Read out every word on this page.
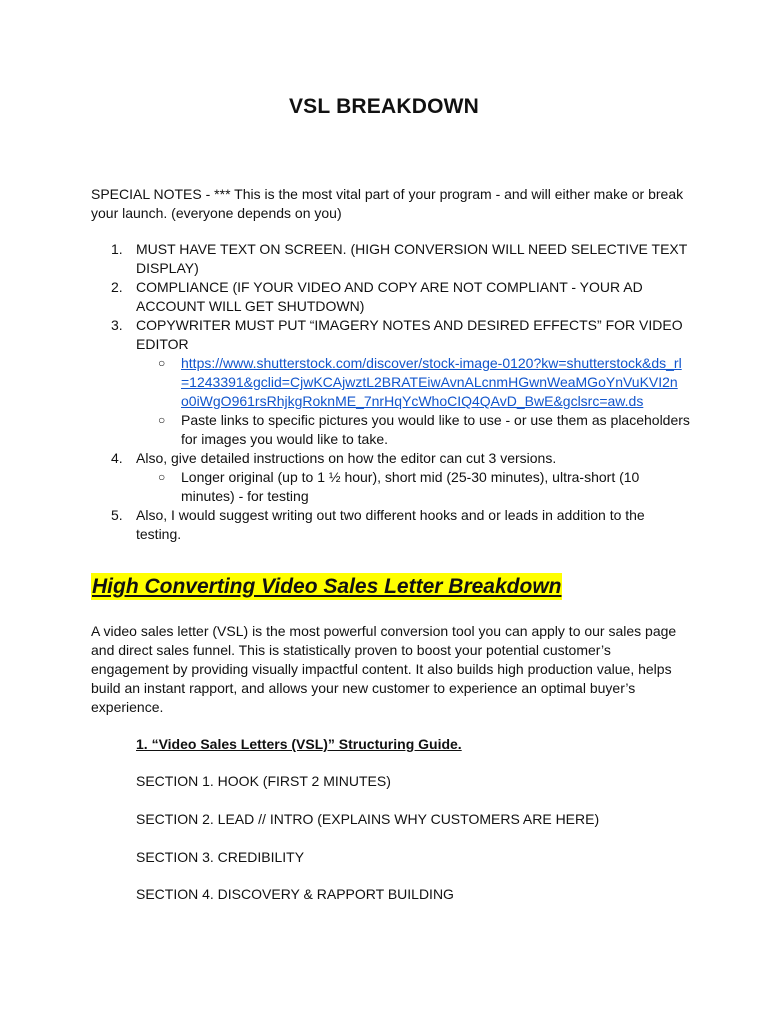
VSL BREAKDOWN
SPECIAL NOTES - *** This is the most vital part of your program - and will either make or break your launch. (everyone depends on you)
1. MUST HAVE TEXT ON SCREEN. (HIGH CONVERSION WILL NEED SELECTIVE TEXT DISPLAY)
2. COMPLIANCE (IF YOUR VIDEO AND COPY ARE NOT COMPLIANT - YOUR AD ACCOUNT WILL GET SHUTDOWN)
3. COPYWRITER MUST PUT “IMAGERY NOTES AND DESIRED EFFECTS” FOR VIDEO EDITOR
○ https://www.shutterstock.com/discover/stock-image-0120?kw=shutterstock&ds_rl
=1243391&gclid=CjwKCAjwztL2BRATEiwAvnALcnmHGwnWeaMGoYnVuKVI2n
o0iWgO961rsRhjkgRoknME_7nrHqYcWhoCIQ4QAvD_BwE&gclsrc=aw.ds
○ Paste links to specific pictures you would like to use - or use them as placeholders for images you would like to take.
4. Also, give detailed instructions on how the editor can cut 3 versions.
○ Longer original (up to 1 ½ hour), short mid (25-30 minutes), ultra-short (10 minutes) - for testing
5. Also, I would suggest writing out two different hooks and or leads in addition to the testing.
High Converting Video Sales Letter Breakdown
A video sales letter (VSL) is the most powerful conversion tool you can apply to our sales page and direct sales funnel. This is statistically proven to boost your potential customer’s engagement by providing visually impactful content. It also builds high production value, helps build an instant rapport, and allows your new customer to experience an optimal buyer’s experience.
1. “Video Sales Letters (VSL)” Structuring Guide.
SECTION 1. HOOK (FIRST 2 MINUTES)
SECTION 2. LEAD // INTRO (EXPLAINS WHY CUSTOMERS ARE HERE)
SECTION 3. CREDIBILITY
SECTION 4. DISCOVERY & RAPPORT BUILDING
